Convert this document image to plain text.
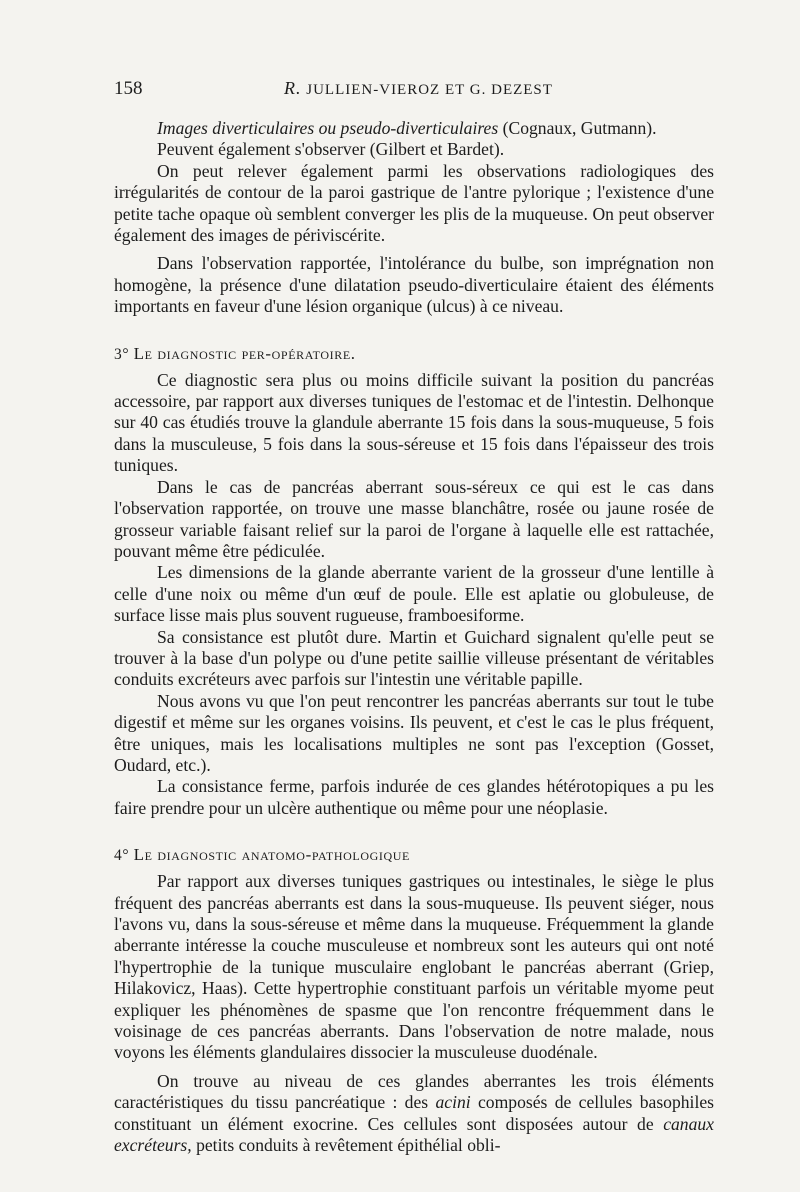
158	R. JULLIEN-VIEROZ ET G. DEZEST

Images diverticulaires ou pseudo-diverticulaires (Cognaux, Gutmann).

Peuvent également s'observer (Gilbert et Bardet).

On peut relever également parmi les observations radiologiques des irrégularités de contour de la paroi gastrique de l'antre pylorique ; l'existence d'une petite tache opaque où semblent converger les plis de la muqueuse. On peut observer également des images de périviscérite.

Dans l'observation rapportée, l'intolérance du bulbe, son imprégnation non homogène, la présence d'une dilatation pseudo-diverticulaire étaient des éléments importants en faveur d'une lésion organique (ulcus) à ce niveau.

3° Le diagnostic per-opératoire.

Ce diagnostic sera plus ou moins difficile suivant la position du pancréas accessoire, par rapport aux diverses tuniques de l'estomac et de l'intestin. Delhonque sur 40 cas étudiés trouve la glandule aberrante 15 fois dans la sous-muqueuse, 5 fois dans la musculeuse, 5 fois dans la sous-séreuse et 15 fois dans l'épaisseur des trois tuniques.

Dans le cas de pancréas aberrant sous-séreux ce qui est le cas dans l'observation rapportée, on trouve une masse blanchâtre, rosée ou jaune rosée de grosseur variable faisant relief sur la paroi de l'organe à laquelle elle est rattachée, pouvant même être pédiculée.

Les dimensions de la glande aberrante varient de la grosseur d'une lentille à celle d'une noix ou même d'un œuf de poule. Elle est aplatie ou globuleuse, de surface lisse mais plus souvent rugueuse, framboesiforme.

Sa consistance est plutôt dure. Martin et Guichard signalent qu'elle peut se trouver à la base d'un polype ou d'une petite saillie villeuse présentant de véritables conduits excréteurs avec parfois sur l'intestin une véritable papille.

Nous avons vu que l'on peut rencontrer les pancréas aberrants sur tout le tube digestif et même sur les organes voisins. Ils peuvent, et c'est le cas le plus fréquent, être uniques, mais les localisations multiples ne sont pas l'exception (Gosset, Oudard, etc.).

La consistance ferme, parfois indurée de ces glandes hétérotopiques a pu les faire prendre pour un ulcère authentique ou même pour une néoplasie.

4° Le diagnostic anatomo-pathologique

Par rapport aux diverses tuniques gastriques ou intestinales, le siège le plus fréquent des pancréas aberrants est dans la sous-muqueuse. Ils peuvent siéger, nous l'avons vu, dans la sous-séreuse et même dans la muqueuse. Fréquemment la glande aberrante intéresse la couche musculeuse et nombreux sont les auteurs qui ont noté l'hypertrophie de la tunique musculaire englobant le pancréas aberrant (Griep, Hilakovicz, Haas). Cette hypertrophie constituant parfois un véritable myome peut expliquer les phénomènes de spasme que l'on rencontre fréquemment dans le voisinage de ces pancréas aberrants. Dans l'observation de notre malade, nous voyons les éléments glandulaires dissocier la musculeuse duodénale.

On trouve au niveau de ces glandes aberrantes les trois éléments caractéristiques du tissu pancréatique : des acini composés de cellules basophiles constituant un élément exocrine. Ces cellules sont disposées autour de canaux excréteurs, petits conduits à revêtement épithélial obli-
